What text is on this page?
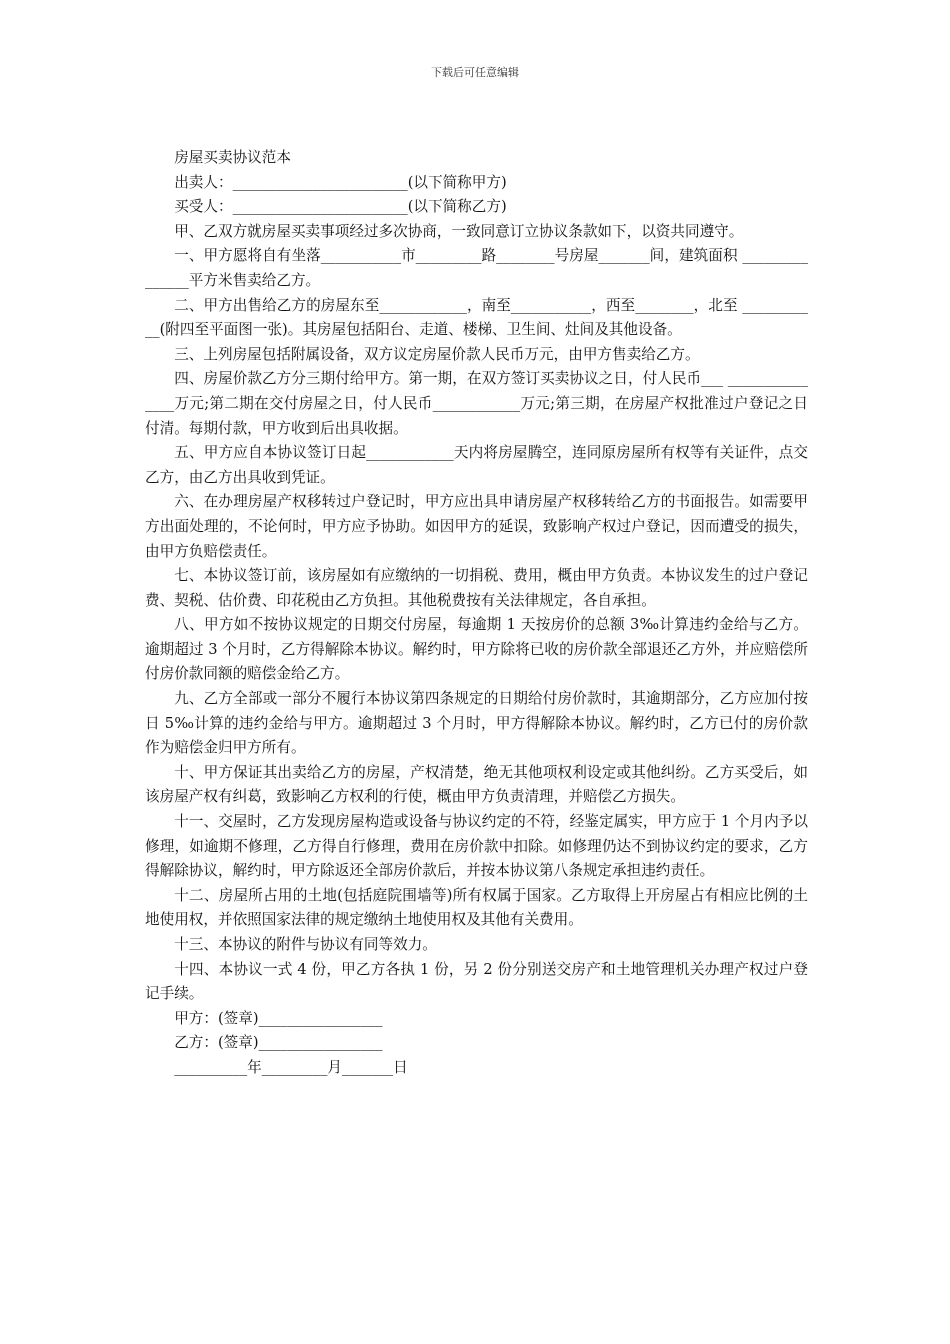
下载后可任意编辑

房屋买卖协议范本

出卖人：________________________(以下简称甲方)

买受人：________________________(以下简称乙方)

甲、乙双方就房屋买卖事项经过多次协商，一致同意订立协议条款如下，以资共同遵守。

一、甲方愿将自有坐落___________市_________路________号房屋_______间，建筑面积 _______________平方米售卖给乙方。

二、甲方出售给乙方的房屋东至____________，南至___________，西至________，北至 ___________(附四至平面图一张)。其房屋包括阳台、走道、楼梯、卫生间、灶间及其他设备。

三、上列房屋包括附属设备，双方议定房屋价款人民币万元，由甲方售卖给乙方。

四、房屋价款乙方分三期付给甲方。第一期，在双方签订买卖协议之日，付人民币___ _______________万元;第二期在交付房屋之日，付人民币____________万元;第三期，在房屋产权批准过户登记之日付清。每期付款，甲方收到后出具收据。

五、甲方应自本协议签订日起____________天内将房屋腾空，连同原房屋所有权等有关证件，点交乙方，由乙方出具收到凭证。

六、在办理房屋产权移转过户登记时，甲方应出具申请房屋产权移转给乙方的书面报告。如需要甲方出面处理的，不论何时，甲方应予协助。如因甲方的延误，致影响产权过户登记，因而遭受的损失，由甲方负赔偿责任。

七、本协议签订前，该房屋如有应缴纳的一切捐税、费用，概由甲方负责。本协议发生的过户登记费、契税、估价费、印花税由乙方负担。其他税费按有关法律规定，各自承担。

八、甲方如不按协议规定的日期交付房屋，每逾期 1 天按房价的总额 3‰计算违约金给与乙方。逾期超过 3 个月时，乙方得解除本协议。解约时，甲方除将已收的房价款全部退还乙方外，并应赔偿所付房价款同额的赔偿金给乙方。

九、乙方全部或一部分不履行本协议第四条规定的日期给付房价款时，其逾期部分，乙方应加付按日 5‰计算的违约金给与甲方。逾期超过 3 个月时，甲方得解除本协议。解约时，乙方已付的房价款作为赔偿金归甲方所有。

十、甲方保证其出卖给乙方的房屋，产权清楚，绝无其他项权利设定或其他纠纷。乙方买受后，如该房屋产权有纠葛，致影响乙方权利的行使，概由甲方负责清理，并赔偿乙方损失。

十一、交屋时，乙方发现房屋构造或设备与协议约定的不符，经鉴定属实，甲方应于 1 个月内予以修理，如逾期不修理，乙方得自行修理，费用在房价款中扣除。如修理仍达不到协议约定的要求，乙方得解除协议，解约时，甲方除返还全部房价款后，并按本协议第八条规定承担违约责任。

十二、房屋所占用的土地(包括庭院围墙等)所有权属于国家。乙方取得上开房屋占有相应比例的土地使用权，并依照国家法律的规定缴纳土地使用权及其他有关费用。

十三、本协议的附件与协议有同等效力。

十四、本协议一式 4 份，甲乙方各执 1 份，另 2 份分别送交房产和土地管理机关办理产权过户登记手续。

甲方：(签章)_________________

乙方：(签章)_________________

__________年_________月_______日
